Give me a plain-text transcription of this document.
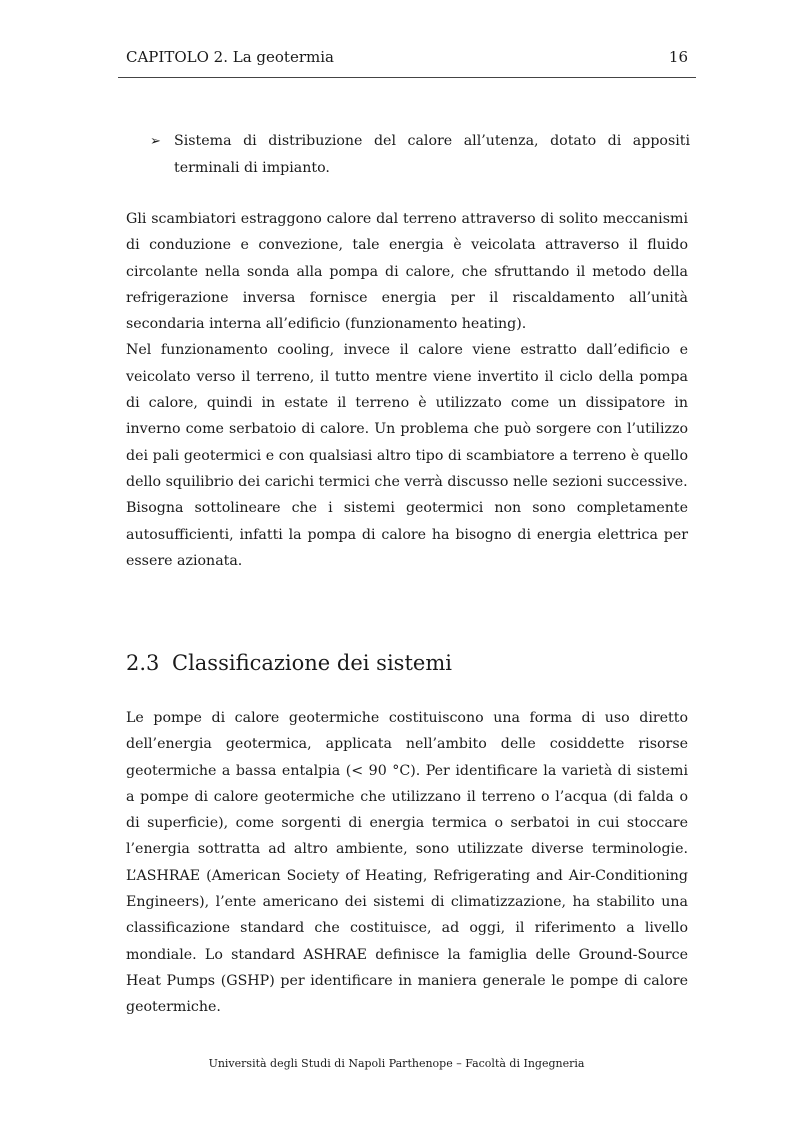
CAPITOLO 2. La geotermia	16
➢ Sistema di distribuzione del calore all’utenza, dotato di appositi terminali di impianto.

Gli scambiatori estraggono calore dal terreno attraverso di solito meccanismi di conduzione e convezione, tale energia è veicolata attraverso il fluido circolante nella sonda alla pompa di calore, che sfruttando il metodo della refrigerazione inversa fornisce energia per il riscaldamento all’unità secondaria interna all’edificio (funzionamento heating).

Nel funzionamento cooling, invece il calore viene estratto dall’edificio e veicolato verso il terreno, il tutto mentre viene invertito il ciclo della pompa di calore, quindi in estate il terreno è utilizzato come un dissipatore in inverno come serbatoio di calore. Un problema che può sorgere con l’utilizzo dei pali geotermici e con qualsiasi altro tipo di scambiatore a terreno è quello dello squilibrio dei carichi termici che verrà discusso nelle sezioni successive.

Bisogna sottolineare che i sistemi geotermici non sono completamente autosufficienti, infatti la pompa di calore ha bisogno di energia elettrica per essere azionata.

2.3 Classificazione dei sistemi

Le pompe di calore geotermiche costituiscono una forma di uso diretto dell’energia geotermica, applicata nell’ambito delle cosiddette risorse geotermiche a bassa entalpia (< 90 °C). Per identificare la varietà di sistemi a pompe di calore geotermiche che utilizzano il terreno o l’acqua (di falda o di superficie), come sorgenti di energia termica o serbatoi in cui stoccare l’energia sottratta ad altro ambiente, sono utilizzate diverse terminologie. L’ASHRAE (American Society of Heating, Refrigerating and Air-Conditioning Engineers), l’ente americano dei sistemi di climatizzazione, ha stabilito una classificazione standard che costituisce, ad oggi, il riferimento a livello mondiale. Lo standard ASHRAE definisce la famiglia delle Ground-Source Heat Pumps (GSHP) per identificare in maniera generale le pompe di calore geotermiche.

Università degli Studi di Napoli Parthenope – Facoltà di Ingegneria
